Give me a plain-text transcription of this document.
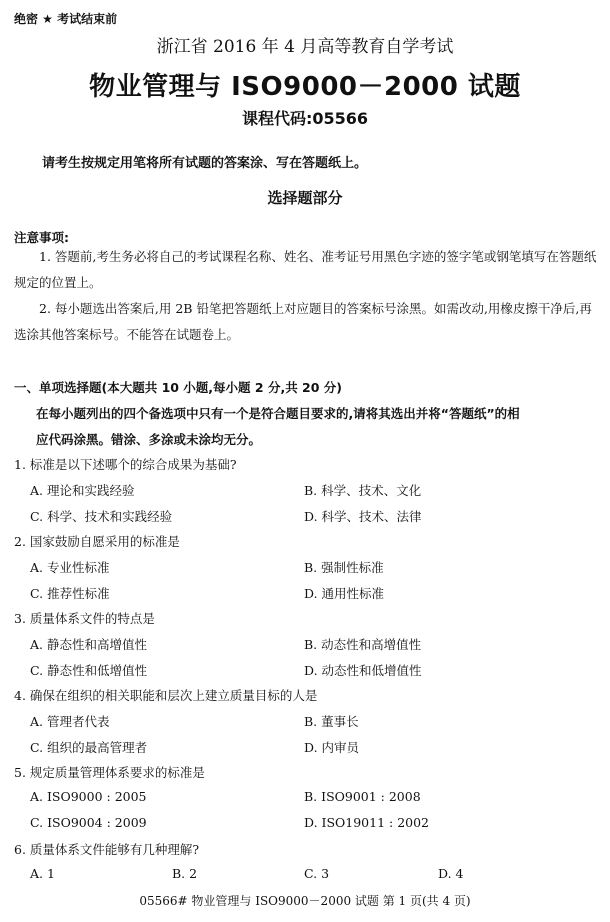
绝密 ★ 考试结束前
浙江省 2016 年 4 月高等教育自学考试
物业管理与 ISO9000－2000 试题
课程代码:05566
请考生按规定用笔将所有试题的答案涂、写在答题纸上。
选择题部分
注意事项:
1. 答题前,考生务必将自己的考试课程名称、姓名、准考证号用黑色字迹的签字笔或钢笔填写在答题纸规定的位置上。
2. 每小题选出答案后,用 2B 铅笔把答题纸上对应题目的答案标号涂黑。如需改动,用橡皮擦干净后,再选涂其他答案标号。不能答在试题卷上。
一、单项选择题(本大题共 10 小题,每小题 2 分,共 20 分)
在每小题列出的四个备选项中只有一个是符合题目要求的,请将其选出并将“答题纸”的相
应代码涂黑。错涂、多涂或未涂均无分。
1. 标准是以下述哪个的综合成果为基础?
A. 理论和实践经验	B. 科学、技术、文化
C. 科学、技术和实践经验	D. 科学、技术、法律
2. 国家鼓励自愿采用的标准是
A. 专业性标准	B. 强制性标准
C. 推荐性标准	D. 通用性标准
3. 质量体系文件的特点是
A. 静态性和高增值性	B. 动态性和高增值性
C. 静态性和低增值性	D. 动态性和低增值性
4. 确保在组织的相关职能和层次上建立质量目标的人是
A. 管理者代表	B. 董事长
C. 组织的最高管理者	D. 内审员
5. 规定质量管理体系要求的标准是
A. ISO9000 : 2005	B. ISO9001 : 2008
C. ISO9004 : 2009	D. ISO19011 : 2002
6. 质量体系文件能够有几种理解?
A. 1	B. 2	C. 3	D. 4
05566# 物业管理与 ISO9000－2000 试题 第 1 页(共 4 页)
